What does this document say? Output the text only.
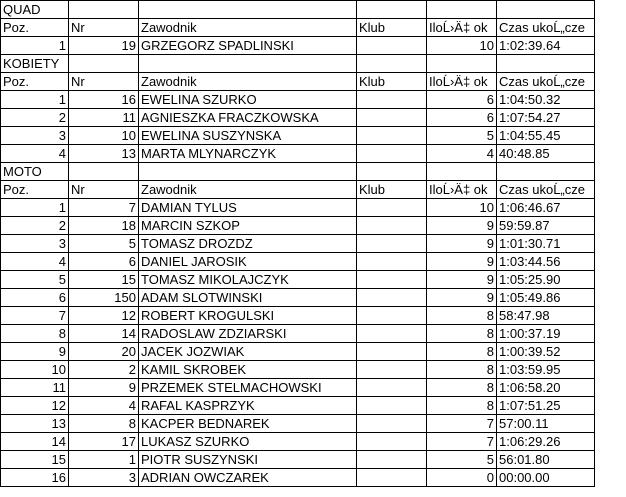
QUAD					
Poz.	Nr	Zawodnik	Klub	IloĹ›Ä‡ ok	Czas ukoĹ„cze
1	19	GRZEGORZ SPADLINSKI		10	1:02:39.64
KOBIETY					
Poz.	Nr	Zawodnik	Klub	IloĹ›Ä‡ ok	Czas ukoĹ„cze
1	16	EWELINA SZURKO		6	1:04:50.32
2	11	AGNIESZKA FRACZKOWSKA		6	1:07:54.27
3	10	EWELINA SUSZYNSKA		5	1:04:55.45
4	13	MARTA MLYNARCZYK		4	40:48.85
MOTO					
Poz.	Nr	Zawodnik	Klub	IloĹ›Ä‡ ok	Czas ukoĹ„cze
1	7	DAMIAN TYLUS		10	1:06:46.67
2	18	MARCIN SZKOP		9	59:59.87
3	5	TOMASZ DROZDZ		9	1:01:30.71
4	6	DANIEL JAROSIK		9	1:03:44.56
5	15	TOMASZ MIKOLAJCZYK		9	1:05:25.90
6	150	ADAM SLOTWINSKI		9	1:05:49.86
7	12	ROBERT KROGULSKI		8	58:47.98
8	14	RADOSLAW ZDZIARSKI		8	1:00:37.19
9	20	JACEK JOZWIAK		8	1:00:39.52
10	2	KAMIL SKROBEK		8	1:03:59.95
11	9	PRZEMEK STELMACHOWSKI		8	1:06:58.20
12	4	RAFAL KASPRZYK		8	1:07:51.25
13	8	KACPER BEDNAREK		7	57:00.11
14	17	LUKASZ SZURKO		7	1:06:29.26
15	1	PIOTR SUSZYNSKI		5	56:01.80
16	3	ADRIAN OWCZAREK		0	00:00.00
